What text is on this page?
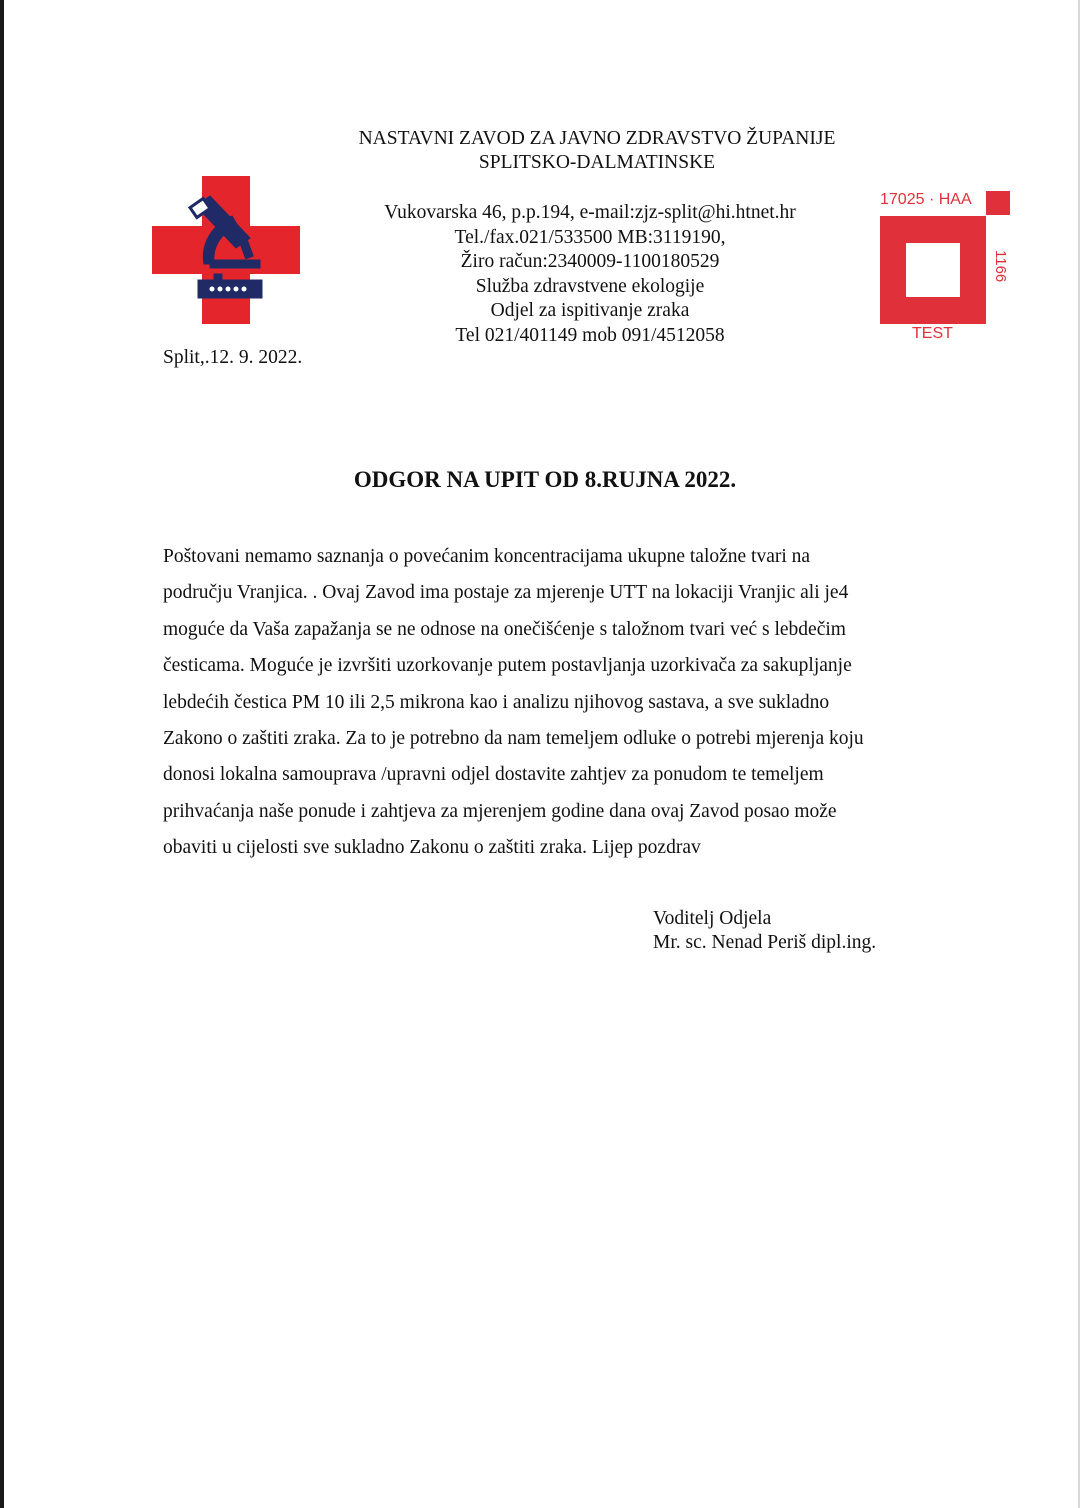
NASTAVNI ZAVOD ZA JAVNO ZDRAVSTVO ŽUPANIJE
SPLITSKO-DALMATINSKE
Vukovarska 46, p.p.194, e-mail:zjz-split@hi.htnet.hr
Tel./fax.021/533500 MB:3119190,
Žiro račun:2340009-1100180529
Služba zdravstvene ekologije
Odjel za ispitivanje zraka
Tel 021/401149 mob 091/4512058
17025 · HAA
1166
TEST
Split,.12. 9. 2022.
ODGOR NA UPIT OD 8.RUJNA 2022.
Poštovani nemamo saznanja o povećanim koncentracijama ukupne taložne tvari na
području Vranjica. . Ovaj Zavod ima postaje za mjerenje UTT na lokaciji Vranjic ali je4
moguće da Vaša zapažanja se ne odnose na onečišćenje s taložnom tvari već s lebdečim
česticama. Moguće je izvršiti uzorkovanje putem postavljanja uzorkivača za sakupljanje
lebdećih čestica PM 10 ili 2,5 mikrona kao i analizu njihovog sastava, a sve sukladno
Zakono o zaštiti zraka. Za to je potrebno da nam temeljem odluke o potrebi mjerenja koju
donosi lokalna samouprava /upravni odjel dostavite zahtjev za ponudom te temeljem
prihvaćanja naše ponude i zahtjeva za mjerenjem godine dana ovaj Zavod posao može
obaviti u cijelosti sve sukladno Zakonu o zaštiti zraka. Lijep pozdrav
Voditelj Odjela
Mr. sc. Nenad Periš dipl.ing.
